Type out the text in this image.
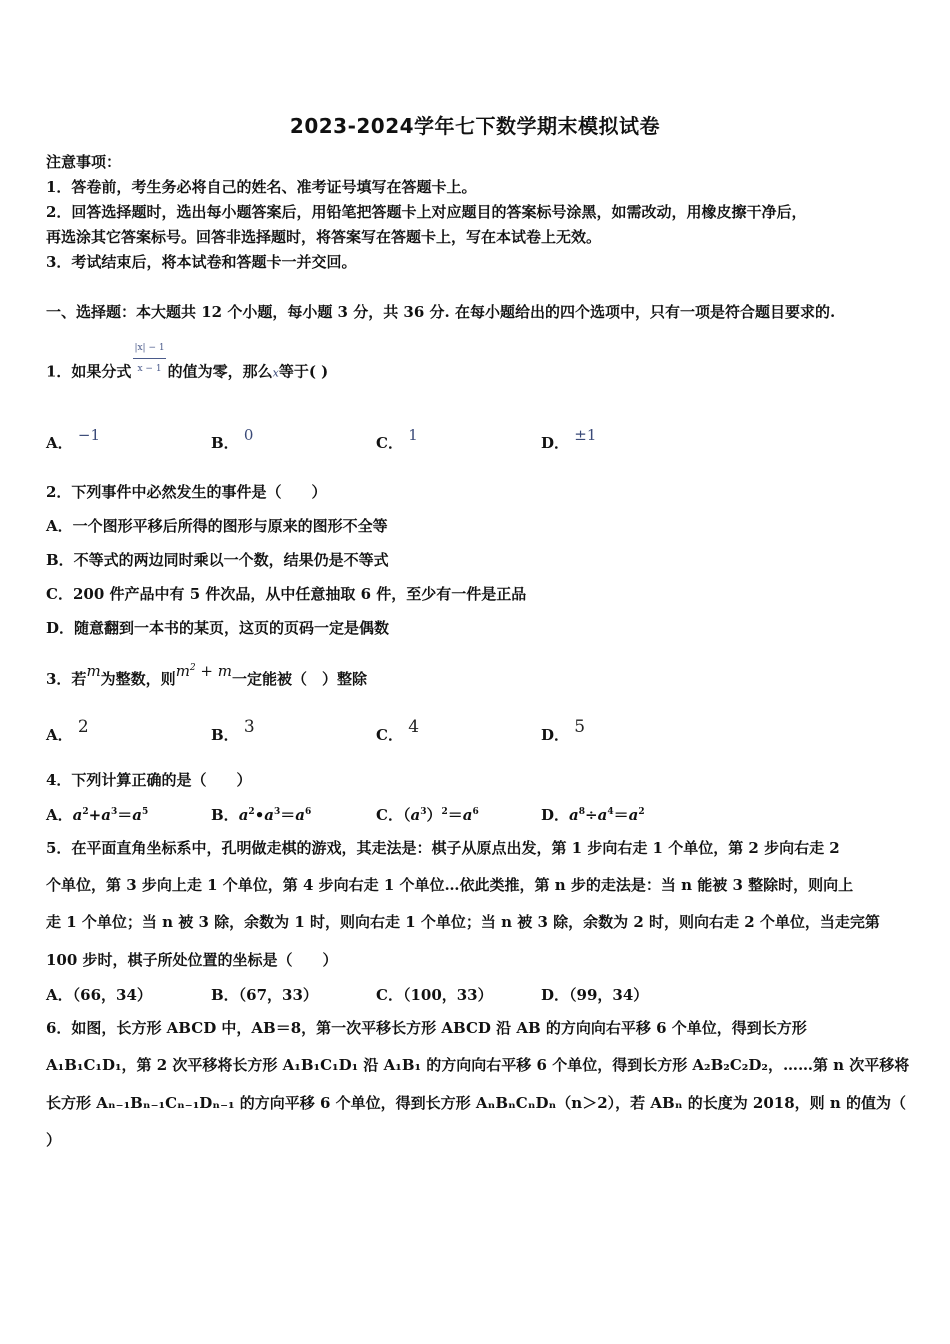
2023-2024学年七下数学期末模拟试卷
注意事项：
1．答卷前，考生务必将自己的姓名、准考证号填写在答题卡上。
2．回答选择题时，选出每小题答案后，用铅笔把答题卡上对应题目的答案标号涂黑，如需改动，用橡皮擦干净后，
再选涂其它答案标号。回答非选择题时，将答案写在答题卡上，写在本试卷上无效。
3．考试结束后，将本试卷和答题卡一并交回。
一、选择题：本大题共 12 个小题，每小题 3 分，共 36 分. 在每小题给出的四个选项中，只有一项是符合题目要求的.
1．如果分式 $\frac{|x| - 1}{x - 1}$ 的值为零，那么x等于( )
A． −1	B． 0	C． 1	D． ±1
2．下列事件中必然发生的事件是（　　）
A．一个图形平移后所得的图形与原来的图形不全等
B．不等式的两边同时乘以一个数，结果仍是不等式
C．200 件产品中有 5 件次品，从中任意抽取 6 件，至少有一件是正品
D．随意翻到一本书的某页，这页的页码一定是偶数
3．若m为整数，则$m^2 + m$一定能被（　）整除
A． 2	B． 3	C． 4	D． 5
4．下列计算正确的是（　　）
A．$a^2+a^3=a^5$	B．$a^2•a^3=a^6$	C．$(a^3)^2=a^6$	D．$a^8\div a^4=a^2$
5．在平面直角坐标系中，孔明做走棋的游戏，其走法是：棋子从原点出发，第 1 步向右走 1 个单位，第 2 步向右走 2
个单位，第 3 步向上走 1 个单位，第 4 步向右走 1 个单位…依此类推，第 n 步的走法是：当 n 能被 3 整除时，则向上
走 1 个单位；当 n 被 3 除，余数为 1 时，则向右走 1 个单位；当 n 被 3 除，余数为 2 时，则向右走 2 个单位，当走完第
100 步时，棋子所处位置的坐标是（　　）
A．（66，34）	B．（67，33）	C．（100，33）	D．（99，34）
6．如图，长方形 ABCD 中，AB＝8，第一次平移长方形 ABCD 沿 AB 的方向向右平移 6 个单位，得到长方形
A₁B₁C₁D₁，第 2 次平移将长方形 A₁B₁C₁D₁ 沿 A₁B₁ 的方向向右平移 6 个单位，得到长方形 A₂B₂C₂D₂，……第 n 次平移将
长方形 Aₙ₋₁Bₙ₋₁Cₙ₋₁Dₙ₋₁ 的方向平移 6 个单位，得到长方形 AₙBₙCₙDₙ（n＞2），若 ABₙ 的长度为 2018，则 n 的值为（
）
